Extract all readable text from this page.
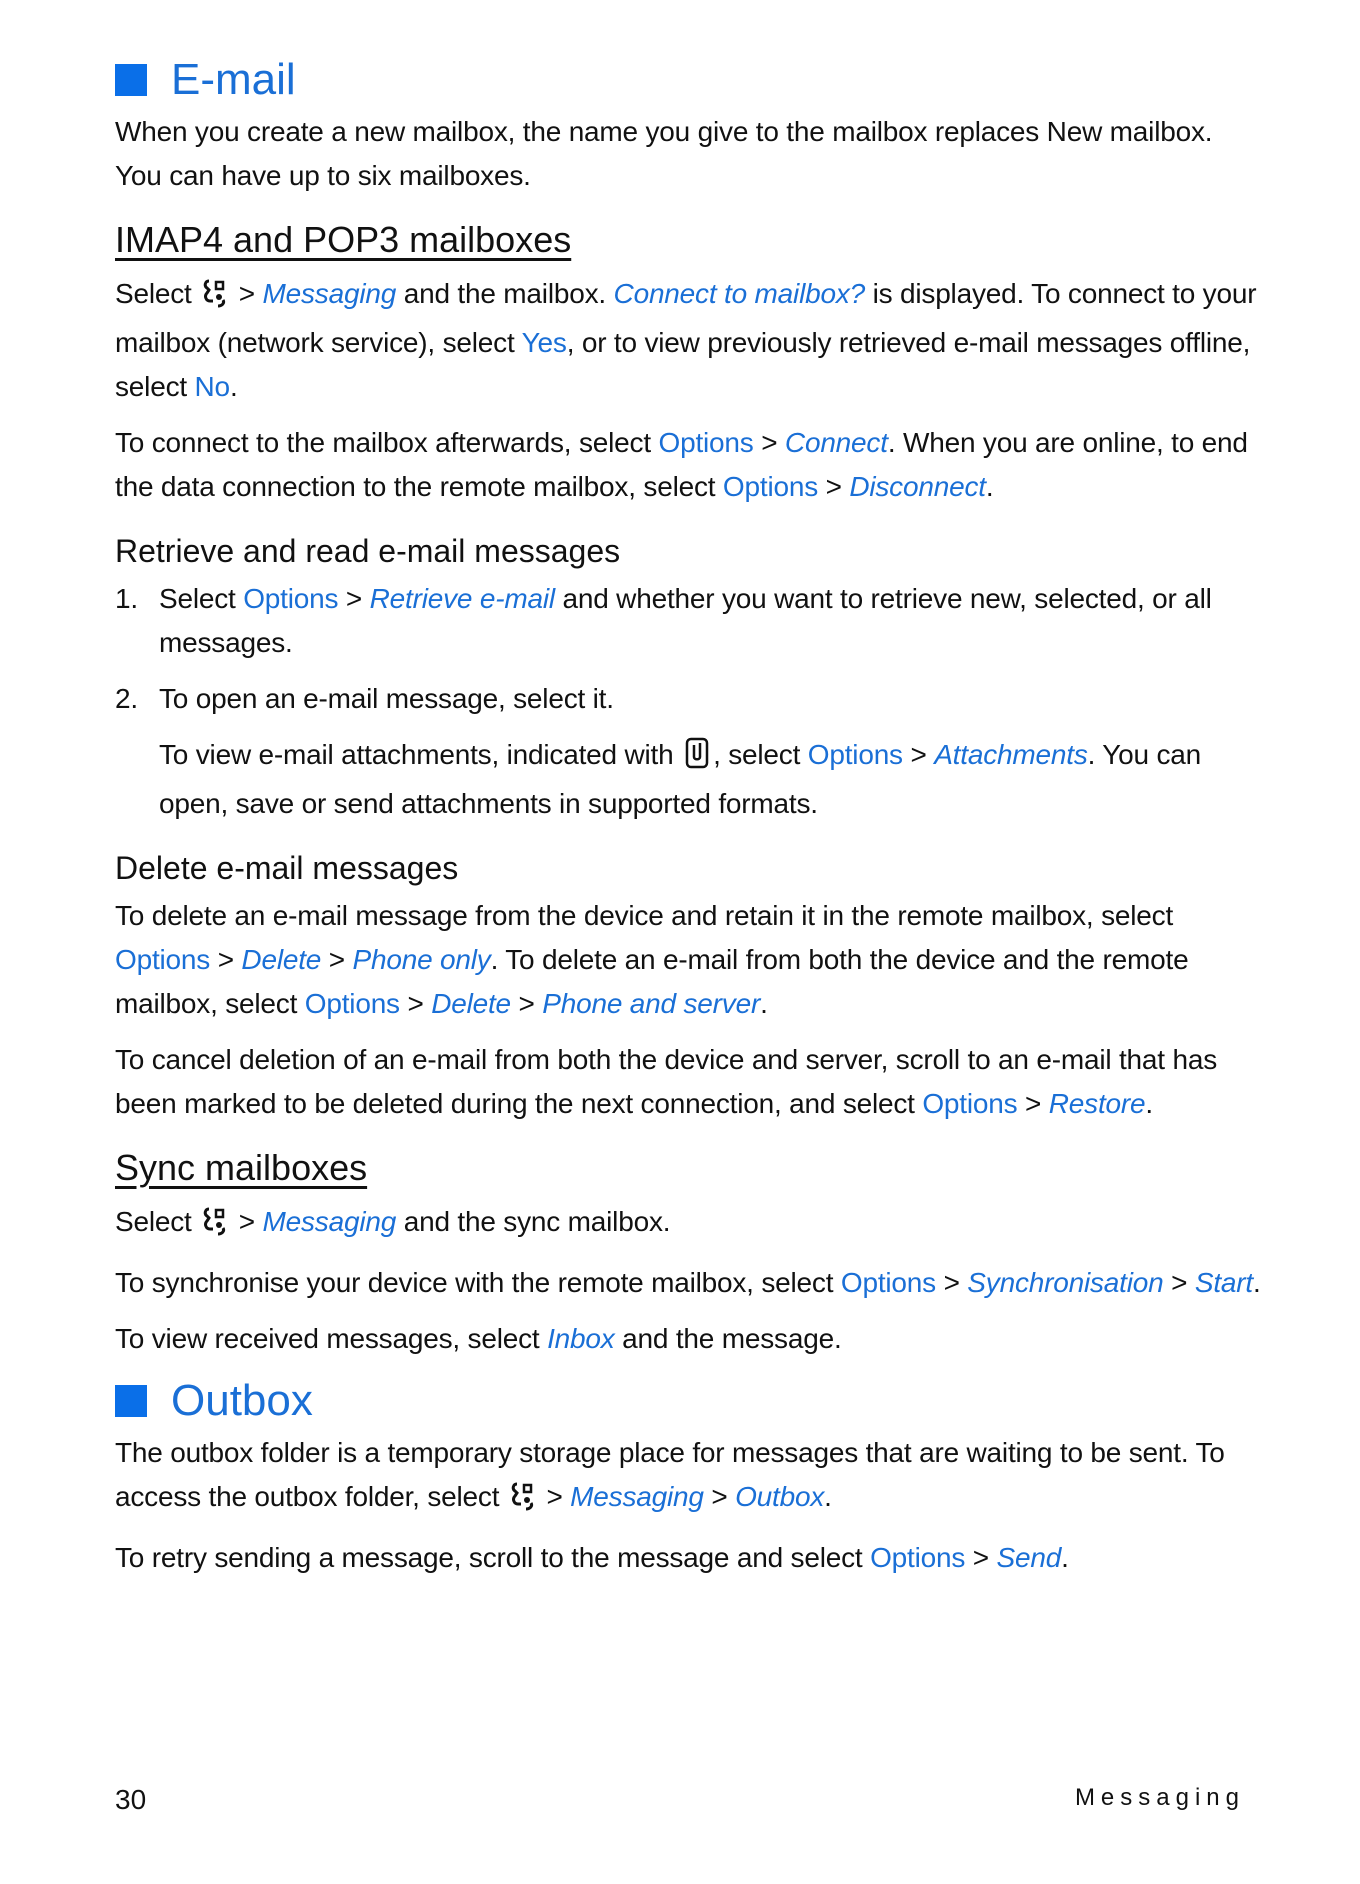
E-mail
When you create a new mailbox, the name you give to the mailbox replaces New mailbox. You can have up to six mailboxes.
IMAP4 and POP3 mailboxes
Select  > Messaging and the mailbox. Connect to mailbox? is displayed. To connect to your mailbox (network service), select Yes, or to view previously retrieved e-mail messages offline, select No.
To connect to the mailbox afterwards, select Options > Connect. When you are online, to end the data connection to the remote mailbox, select Options > Disconnect.
Retrieve and read e-mail messages
1. Select Options > Retrieve e-mail and whether you want to retrieve new, selected, or all messages.
2. To open an e-mail message, select it.
To view e-mail attachments, indicated with , select Options > Attachments. You can open, save or send attachments in supported formats.
Delete e-mail messages
To delete an e-mail message from the device and retain it in the remote mailbox, select Options > Delete > Phone only. To delete an e-mail from both the device and the remote mailbox, select Options > Delete > Phone and server.
To cancel deletion of an e-mail from both the device and server, scroll to an e-mail that has been marked to be deleted during the next connection, and select Options > Restore.
Sync mailboxes
Select  > Messaging and the sync mailbox.
To synchronise your device with the remote mailbox, select Options > Synchronisation > Start.
To view received messages, select Inbox and the message.
Outbox
The outbox folder is a temporary storage place for messages that are waiting to be sent. To access the outbox folder, select  > Messaging > Outbox.
To retry sending a message, scroll to the message and select Options > Send.
30	Messaging
